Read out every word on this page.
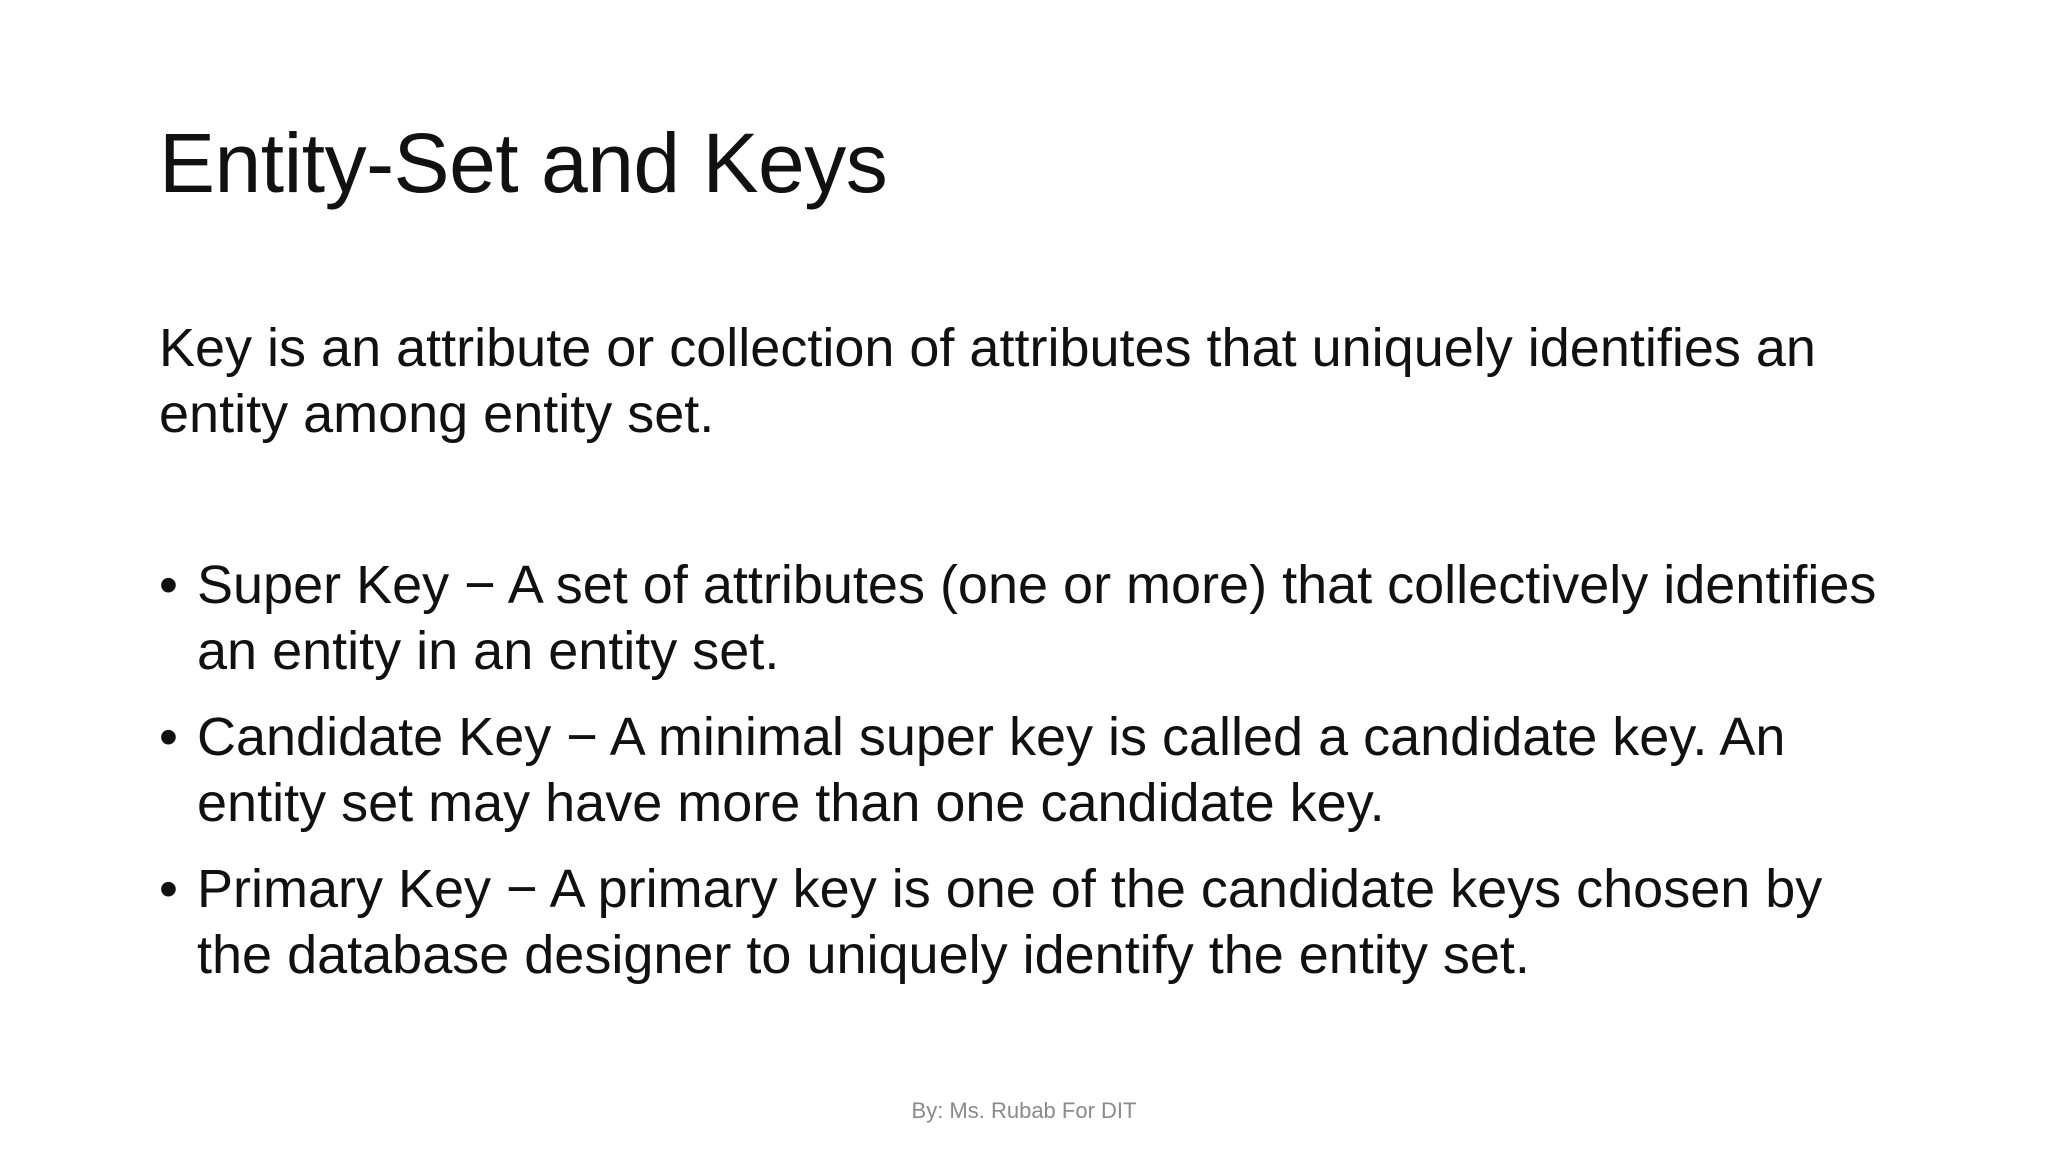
Entity-Set and Keys
Key is an attribute or collection of attributes that uniquely identifies an entity among entity set.
• Super Key − A set of attributes (one or more) that collectively identifies an entity in an entity set.
• Candidate Key − A minimal super key is called a candidate key. An entity set may have more than one candidate key.
• Primary Key − A primary key is one of the candidate keys chosen by the database designer to uniquely identify the entity set.
By: Ms. Rubab For DIT
